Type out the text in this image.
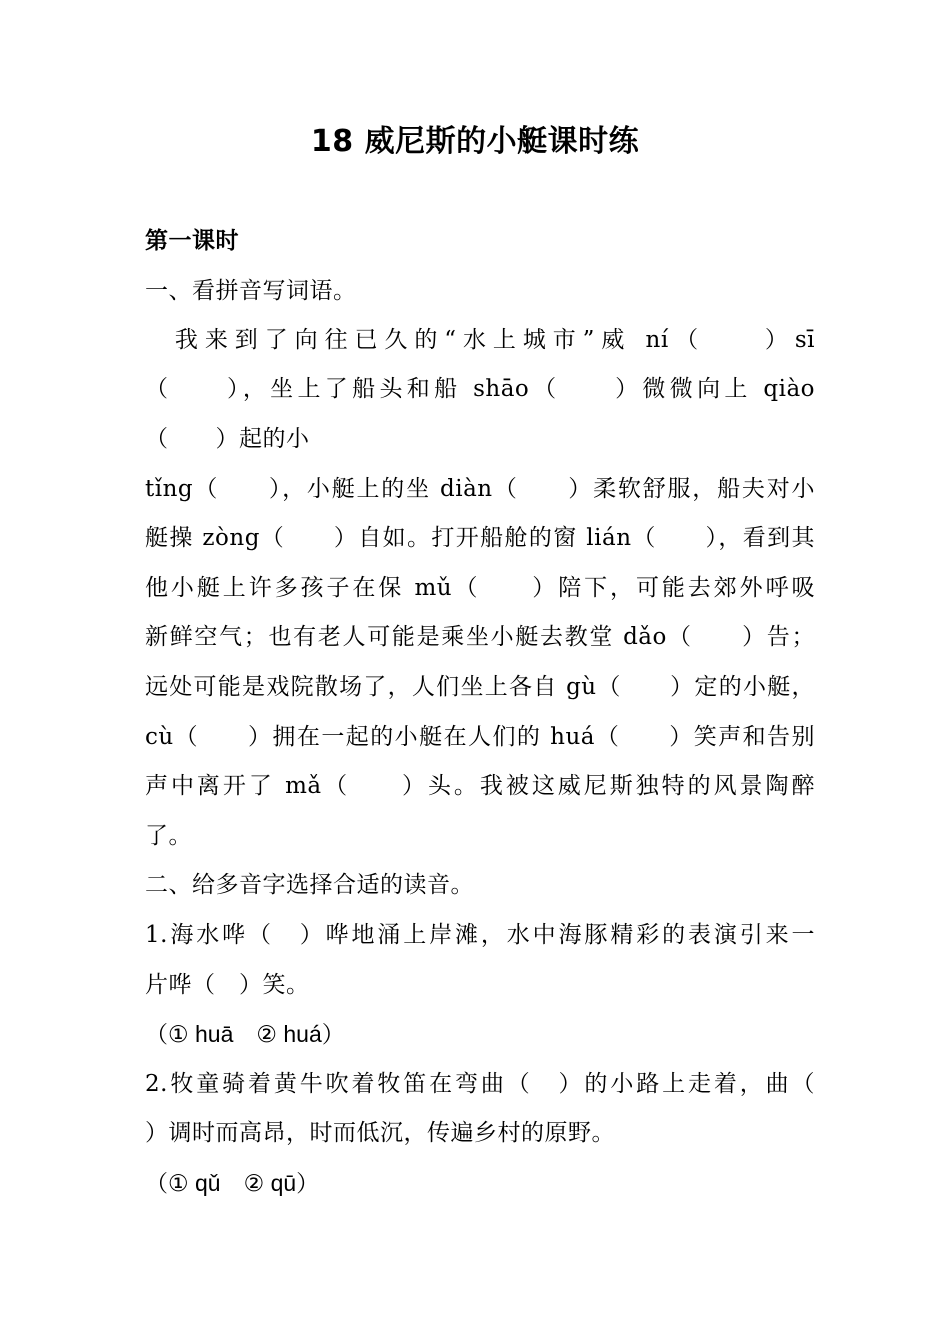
18 威尼斯的小艇课时练
第一课时
一、看拼音写词语。
　我来到了向往已久的“水上城市”威 ní（　　）sī
（　　），坐上了船头和船 shāo（　　）微微向上 qiào
（　　）起的小
tǐng（　　），小艇上的坐 diàn（　　）柔软舒服，船夫对小
艇操 zòng（　　）自如。打开船舱的窗 lián（　　），看到其
他小艇上许多孩子在保 mǔ（　　）陪下，可能去郊外呼吸
新鲜空气；也有老人可能是乘坐小艇去教堂 dǎo（　　）告；
远处可能是戏院散场了，人们坐上各自 gù（　　）定的小艇，
cù（　　）拥在一起的小艇在人们的 huá（　　）笑声和告别
声中离开了 mǎ（　　）头。我被这威尼斯独特的风景陶醉
了。
二、给多音字选择合适的读音。
1.海水哗（　）哗地涌上岸滩，水中海豚精彩的表演引来一
片哗（　）笑。
（① huā　② huá）
2.牧童骑着黄牛吹着牧笛在弯曲（　）的小路上走着，曲（
）调时而高昂，时而低沉，传遍乡村的原野。
（① qǔ　② qū）
